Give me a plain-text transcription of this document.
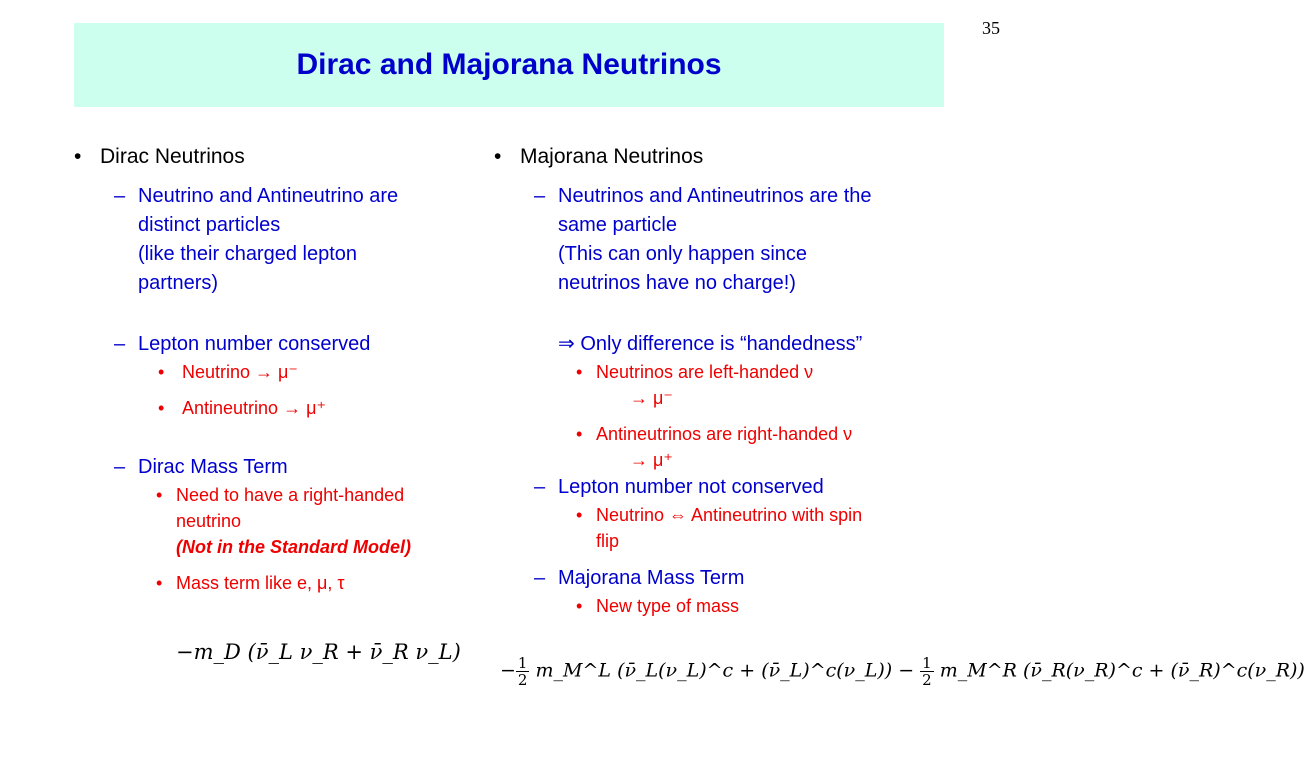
35
Dirac and Majorana Neutrinos
• Dirac Neutrinos
– Neutrino and Antineutrino are
distinct particles
(like their charged lepton
partners)
– Lepton number conserved
• Neutrino → μ⁻
• Antineutrino → μ⁺
– Dirac Mass Term
• Need to have a right-handed
neutrino
(Not in the Standard Model)
• Mass term like e, μ, τ
−m_D (ν̄_L ν_R + ν̄_R ν_L)
• Majorana Neutrinos
– Neutrinos and Antineutrinos are the
same particle
(This can only happen since
neutrinos have no charge!)
⇒ Only difference is “handedness”
• Neutrinos are left-handed ν
→ μ⁻
• Antineutrinos are right-handed ν
→ μ⁺
– Lepton number not conserved
• Neutrino ⇔ Antineutrino with spin
flip
– Majorana Mass Term
• New type of mass
− $\frac{1}{2}$ m_M^L (ν̄_L(ν_L)^c + (ν̄_L)^c(ν_L)) − $\frac{1}{2}$ m_M^R (ν̄_R(ν_R)^c + (ν̄_R)^c(ν_R))
